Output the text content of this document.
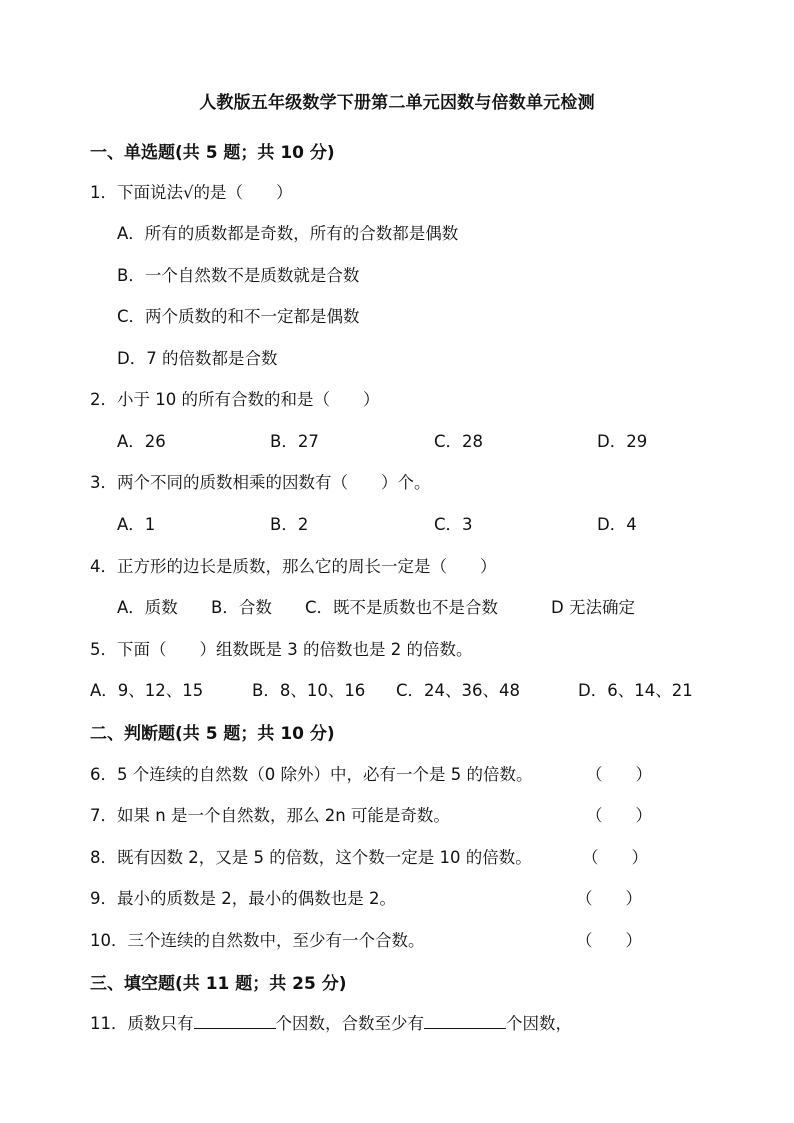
人教版五年级数学下册第二单元因数与倍数单元检测
一、单选题(共 5 题；共 10 分)
1．下面说法√的是（　　）
A．所有的质数都是奇数，所有的合数都是偶数
B．一个自然数不是质数就是合数
C．两个质数的和不一定都是偶数
D．7 的倍数都是合数
2．小于 10 的所有合数的和是（　　）
A．26	B．27	C．28	D．29
3．两个不同的质数相乘的因数有（　　）个。
A．1	B．2	C．3	D．4
4．正方形的边长是质数，那么它的周长一定是（　　）
A．质数 B．合数 C．既不是质数也不是合数	D 无法确定
5．下面（　　）组数既是 3 的倍数也是 2 的倍数。
A．9、12、15	B．8、10、16 C．24、36、48	D．6、14、21
二、判断题(共 5 题；共 10 分)
6．5 个连续的自然数（0 除外）中，必有一个是 5 的倍数。	（　　）
7．如果 n 是一个自然数，那么 2n 可能是奇数。	（　　）
8．既有因数 2，又是 5 的倍数，这个数一定是 10 的倍数。	（　　）
9．最小的质数是 2，最小的偶数也是 2。	（　　）
10．三个连续的自然数中，至少有一个合数。	（　　）
三、填空题(共 11 题；共 25 分)
11．质数只有	个因数，合数至少有	个因数，
